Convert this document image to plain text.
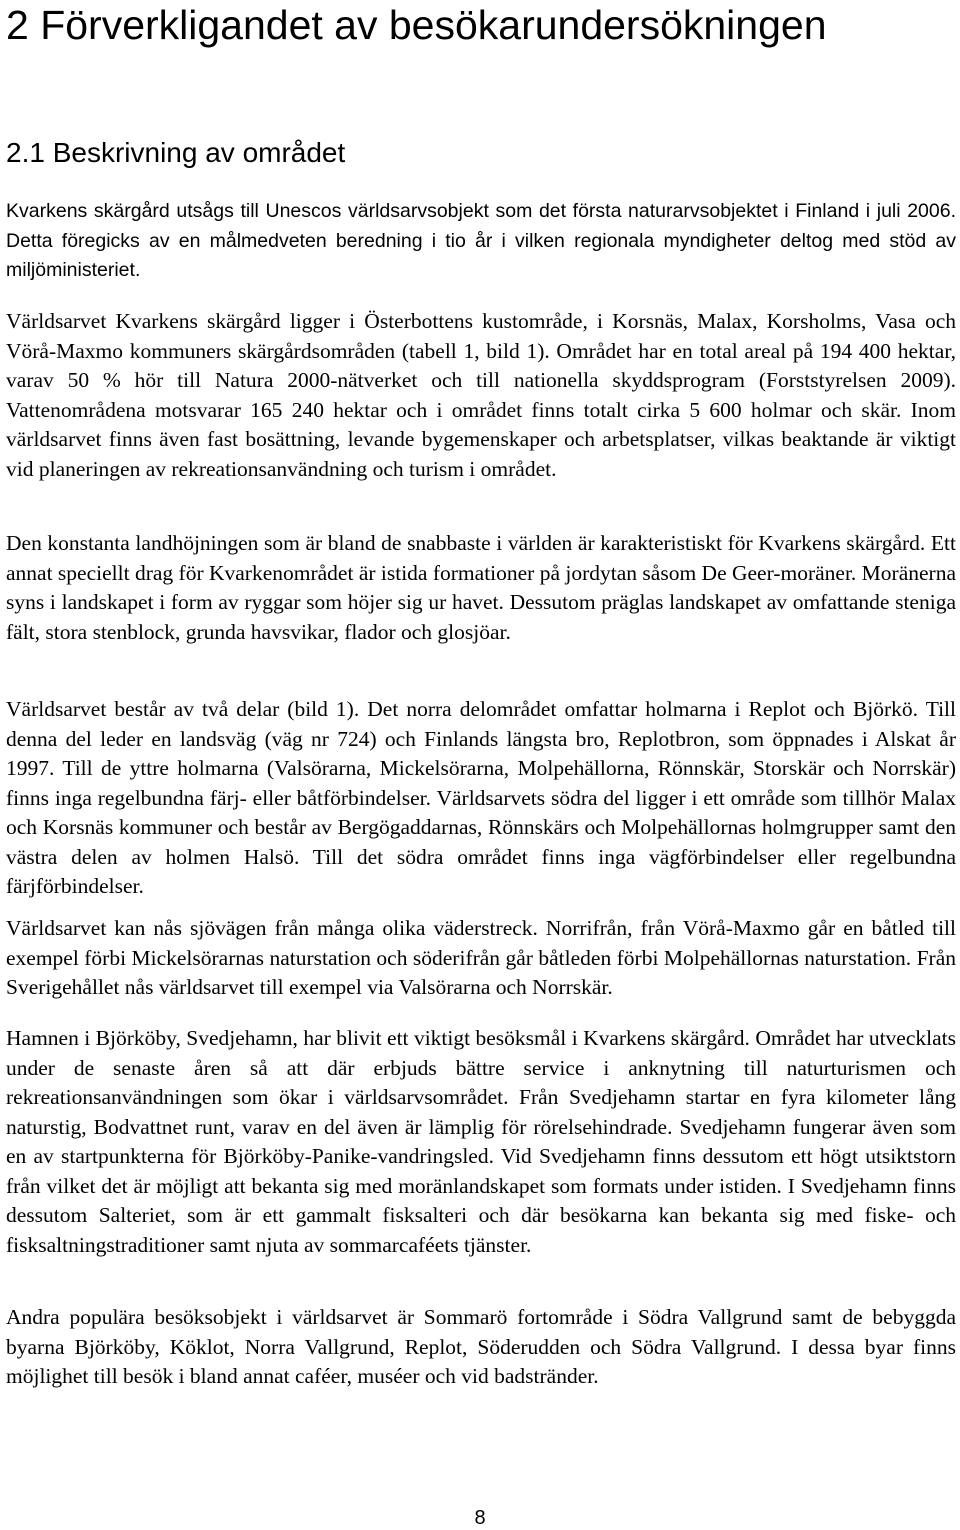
2 Förverkligandet av besökarundersökningen
2.1 Beskrivning av området

Kvarkens skärgård utsågs till Unescos världsarvsobjekt som det första naturarvsobjektet i Finland i juli 2006. Detta föregicks av en målmedveten beredning i tio år i vilken regionala myndigheter deltog med stöd av miljöministeriet.

Världsarvet Kvarkens skärgård ligger i Österbottens kustområde, i Korsnäs, Malax, Korsholms, Vasa och Vörå-Maxmo kommuners skärgårdsområden (tabell 1, bild 1). Området har en total areal på 194 400 hektar, varav 50 % hör till Natura 2000-nätverket och till nationella skyddsprogram (Forststyrelsen 2009). Vattenområdena motsvarar 165 240 hektar och i området finns totalt cirka 5 600 holmar och skär. Inom världsarvet finns även fast bosättning, levande bygemenskaper och arbetsplatser, vilkas beaktande är viktigt vid planeringen av rekreationsanvändning och turism i området.

Den konstanta landhöjningen som är bland de snabbaste i världen är karakteristiskt för Kvarkens skärgård. Ett annat speciellt drag för Kvarkenområdet är istida formationer på jordytan såsom De Geer-moräner. Moränerna syns i landskapet i form av ryggar som höjer sig ur havet. Dessutom präglas landskapet av omfattande steniga fält, stora stenblock, grunda havsvikar, flador och glosjöar.

Världsarvet består av två delar (bild 1). Det norra delområdet omfattar holmarna i Replot och Björkö. Till denna del leder en landsväg (väg nr 724) och Finlands längsta bro, Replotbron, som öppnades i Alskat år 1997. Till de yttre holmarna (Valsörarna, Mickelsörarna, Molpehällorna, Rönnskär, Storskär och Norrskär) finns inga regelbundna färj- eller båtförbindelser. Världsarvets södra del ligger i ett område som tillhör Malax och Korsnäs kommuner och består av Bergögaddarnas, Rönnskärs och Molpehällornas holmgrupper samt den västra delen av holmen Halsö. Till det södra området finns inga vägförbindelser eller regelbundna färjförbindelser.

Världsarvet kan nås sjövägen från många olika väderstreck. Norrifrån, från Vörå-Maxmo går en båtled till exempel förbi Mickelsörarnas naturstation och söderifrån går båtleden förbi Molpehällornas naturstation. Från Sverigehållet nås världsarvet till exempel via Valsörarna och Norrskär.

Hamnen i Björköby, Svedjehamn, har blivit ett viktigt besöksmål i Kvarkens skärgård. Området har utvecklats under de senaste åren så att där erbjuds bättre service i anknytning till naturturismen och rekreationsanvändningen som ökar i världsarvsområdet. Från Svedjehamn startar en fyra kilometer lång naturstig, Bodvattnet runt, varav en del även är lämplig för rörelsehindrade. Svedjehamn fungerar även som en av startpunkterna för Björköby-Panike-vandringsled. Vid Svedjehamn finns dessutom ett högt utsiktstorn från vilket det är möjligt att bekanta sig med moränlandskapet som formats under istiden. I Svedjehamn finns dessutom Salteriet, som är ett gammalt fisksalteri och där besökarna kan bekanta sig med fiske- och fisksaltningstraditioner samt njuta av sommarcaféets tjänster.

Andra populära besöksobjekt i världsarvet är Sommarö fortområde i Södra Vallgrund samt de bebyggda byarna Björköby, Köklot, Norra Vallgrund, Replot, Söderudden och Södra Vallgrund. I dessa byar finns möjlighet till besök i bland annat caféer, muséer och vid badstränder.

8
